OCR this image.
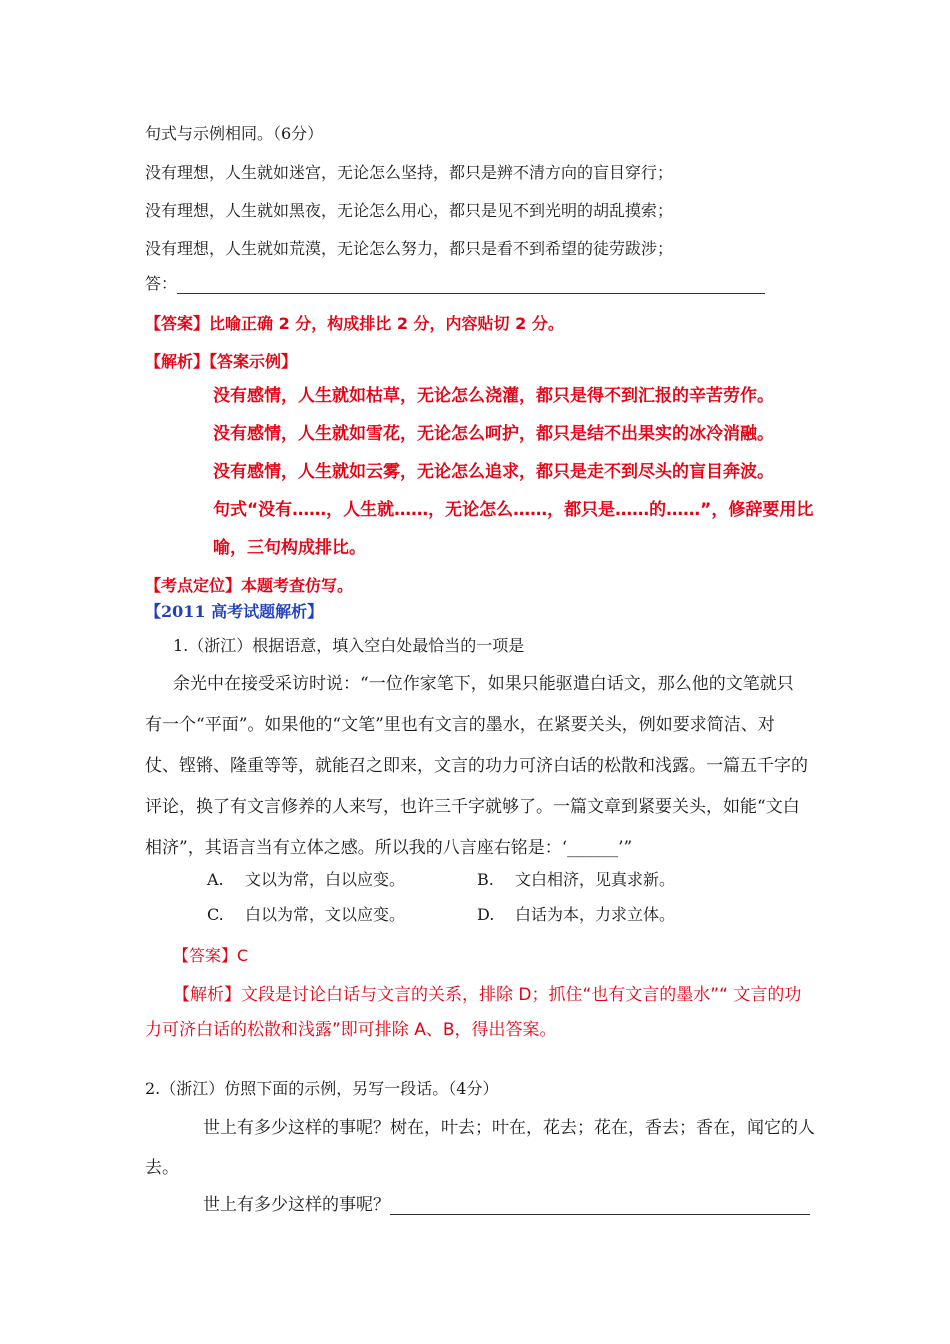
句式与示例相同。（6分）
没有理想，人生就如迷宫，无论怎么坚持，都只是辨不清方向的盲目穿行；
没有理想，人生就如黑夜，无论怎么用心，都只是见不到光明的胡乱摸索；
没有理想，人生就如荒漠，无论怎么努力，都只是看不到希望的徒劳跋涉；
答：
【答案】比喻正确 2 分，构成排比 2 分，内容贴切 2 分。
【解析】【答案示例】
没有感情，人生就如枯草，无论怎么浇灌，都只是得不到汇报的辛苦劳作。
没有感情，人生就如雪花，无论怎么呵护，都只是结不出果实的冰冷消融。
没有感情，人生就如云雾，无论怎么追求，都只是走不到尽头的盲目奔波。
句式“没有……，人生就……，无论怎么……，都只是……的……”，修辞要用比
喻，三句构成排比。
【考点定位】本题考查仿写。
【2011 高考试题解析】
1.（浙江）根据语意，填入空白处最恰当的一项是
余光中在接受采访时说：“一位作家笔下，如果只能驱遣白话文，那么他的文笔就只
有一个“平面”。如果他的“文笔”里也有文言的墨水，在紧要关头，例如要求简洁、对
仗、铿锵、隆重等等，就能召之即来，文言的功力可济白话的松散和浅露。一篇五千字的
评论，换了有文言修养的人来写，也许三千字就够了。一篇文章到紧要关头，如能“文白
相济”，其语言当有立体之感。所以我的八言座右铭是：‘______’”
A. 文以为常，白以应变。	B. 文白相济，见真求新。
C. 白以为常，文以应变。	D. 白话为本，力求立体。
【答案】C
【解析】文段是讨论白话与文言的关系，排除 D；抓住“也有文言的墨水”“ 文言的功
力可济白话的松散和浅露”即可排除 A、B，得出答案。
2.（浙江）仿照下面的示例，另写一段话。（4分）
世上有多少这样的事呢？树在，叶去；叶在，花去；花在，香去；香在，闻它的人
去。
世上有多少这样的事呢？
